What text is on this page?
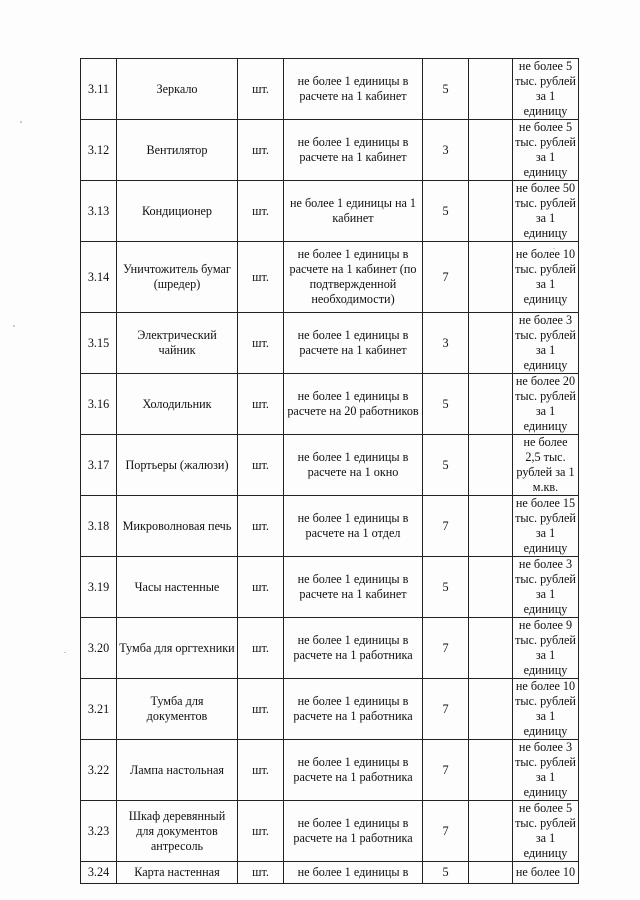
3.11	Зеркало	шт.	не более 1 единицы в расчете на 1 кабинет	5		не более 5 тыс. рублей за 1 единицу
3.12	Вентилятор	шт.	не более 1 единицы в расчете на 1 кабинет	3		не более 5 тыс. рублей за 1 единицу
3.13	Кондиционер	шт.	не более 1 единицы на 1 кабинет	5		не более 50 тыс. рублей за 1 единицу
3.14	Уничтожитель бумаг (шредер)	шт.	не более 1 единицы в расчете на 1 кабинет (по подтвержденной необходимости)	7		не более 10 тыс. рублей за 1 единицу
3.15	Электрический чайник	шт.	не более 1 единицы в расчете на 1 кабинет	3		не более 3 тыс. рублей за 1 единицу
3.16	Холодильник	шт.	не более 1 единицы в расчете на 20 работников	5		не более 20 тыс. рублей за 1 единицу
3.17	Портьеры (жалюзи)	шт.	не более 1 единицы в расчете на 1 окно	5		не более 2,5 тыс. рублей за 1 м.кв.
3.18	Микроволновая печь	шт.	не более 1 единицы в расчете на 1 отдел	7		не более 15 тыс. рублей за 1 единицу
3.19	Часы настенные	шт.	не более 1 единицы в расчете на 1 кабинет	5		не более 3 тыс. рублей за 1 единицу
3.20	Тумба для оргтехники	шт.	не более 1 единицы в расчете на 1 работника	7		не более 9 тыс. рублей за 1 единицу
3.21	Тумба для документов	шт.	не более 1 единицы в расчете на 1 работника	7		не более 10 тыс. рублей за 1 единицу
3.22	Лампа настольная	шт.	не более 1 единицы в расчете на 1 работника	7		не более 3 тыс. рублей за 1 единицу
3.23	Шкаф деревянный для документов антресоль	шт.	не более 1 единицы в расчете на 1 работника	7		не более 5 тыс. рублей за 1 единицу
3.24	Карта настенная	шт.	не более 1 единицы в	5		не более 10
